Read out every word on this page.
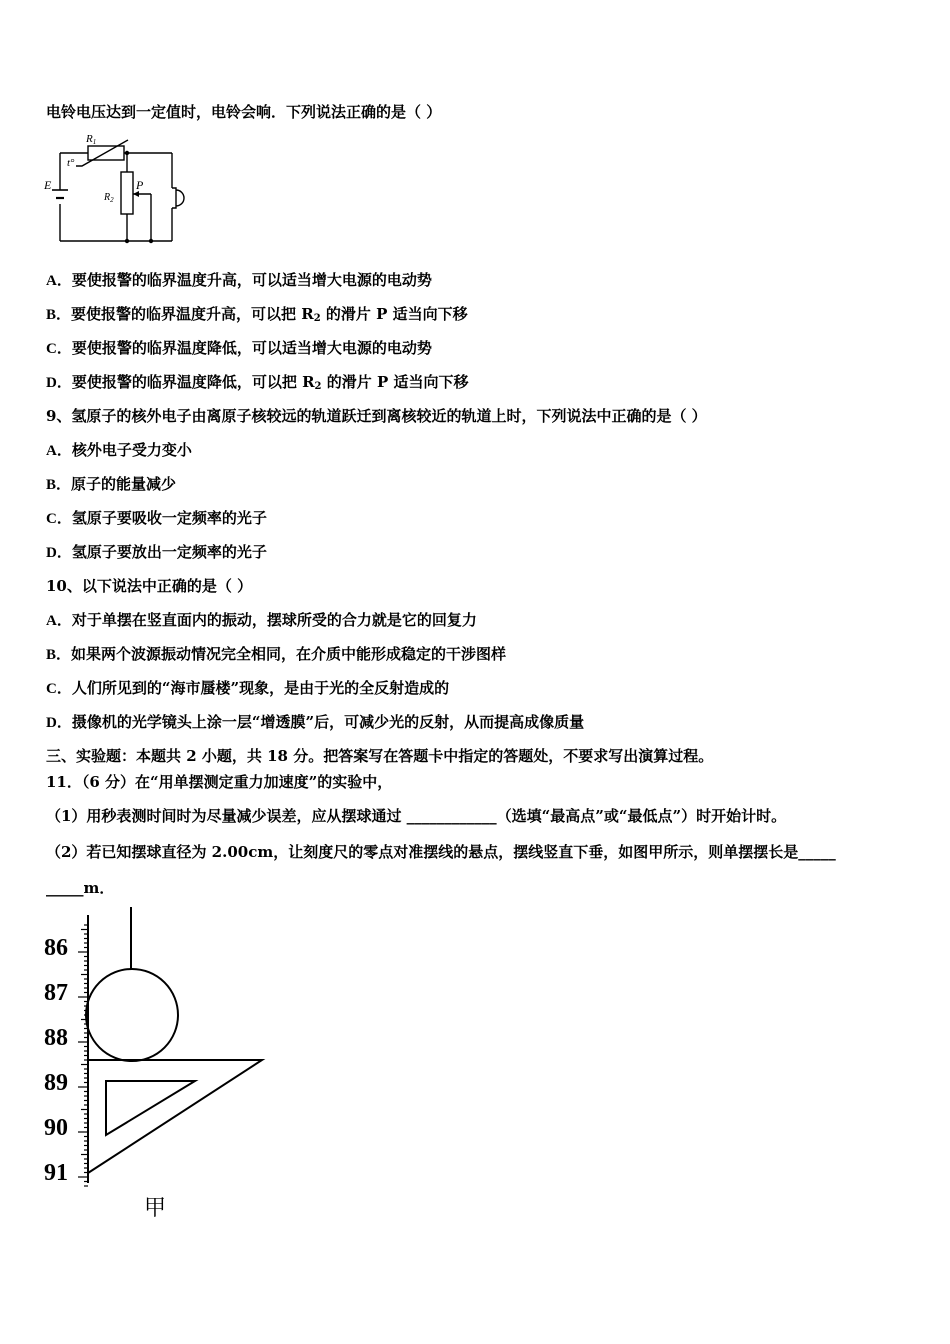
电铃电压达到一定值时，电铃会响．下列说法正确的是（ ）
R1
t°
E
$R_2$
P
A．要使报警的临界温度升高，可以适当增大电源的电动势
B．要使报警的临界温度升高，可以把 $R_2$ 的滑片 P 适当向下移
C．要使报警的临界温度降低，可以适当增大电源的电动势
D．要使报警的临界温度降低，可以把 $R_2$ 的滑片 P 适当向下移
9、氢原子的核外电子由离原子核较远的轨道跃迁到离核较近的轨道上时，下列说法中正确的是（ ）
A．核外电子受力变小
B．原子的能量减少
C．氢原子要吸收一定频率的光子
D．氢原子要放出一定频率的光子
10、以下说法中正确的是（ ）
A．对于单摆在竖直面内的振动，摆球所受的合力就是它的回复力
B．如果两个波源振动情况完全相同，在介质中能形成稳定的干涉图样
C．人们所见到的“海市蜃楼”现象，是由于光的全反射造成的
D．摄像机的光学镜头上涂一层“增透膜”后，可减少光的反射，从而提高成像质量
三、实验题：本题共 2 小题，共 18 分。把答案写在答题卡中指定的答题处，不要求写出演算过程。
11．（6 分）在“用单摆测定重力加速度”的实验中，
（1）用秒表测时间时为尽量减少误差，应从摆球通过 ____________（选填“最高点”或“最低点”）时开始计时。
（2）若已知摆球直径为 2.00cm，让刻度尺的零点对准摆线的悬点，摆线竖直下垂，如图甲所示，则单摆摆长是_____
_____m．
86
87
88
89
90
91
甲
